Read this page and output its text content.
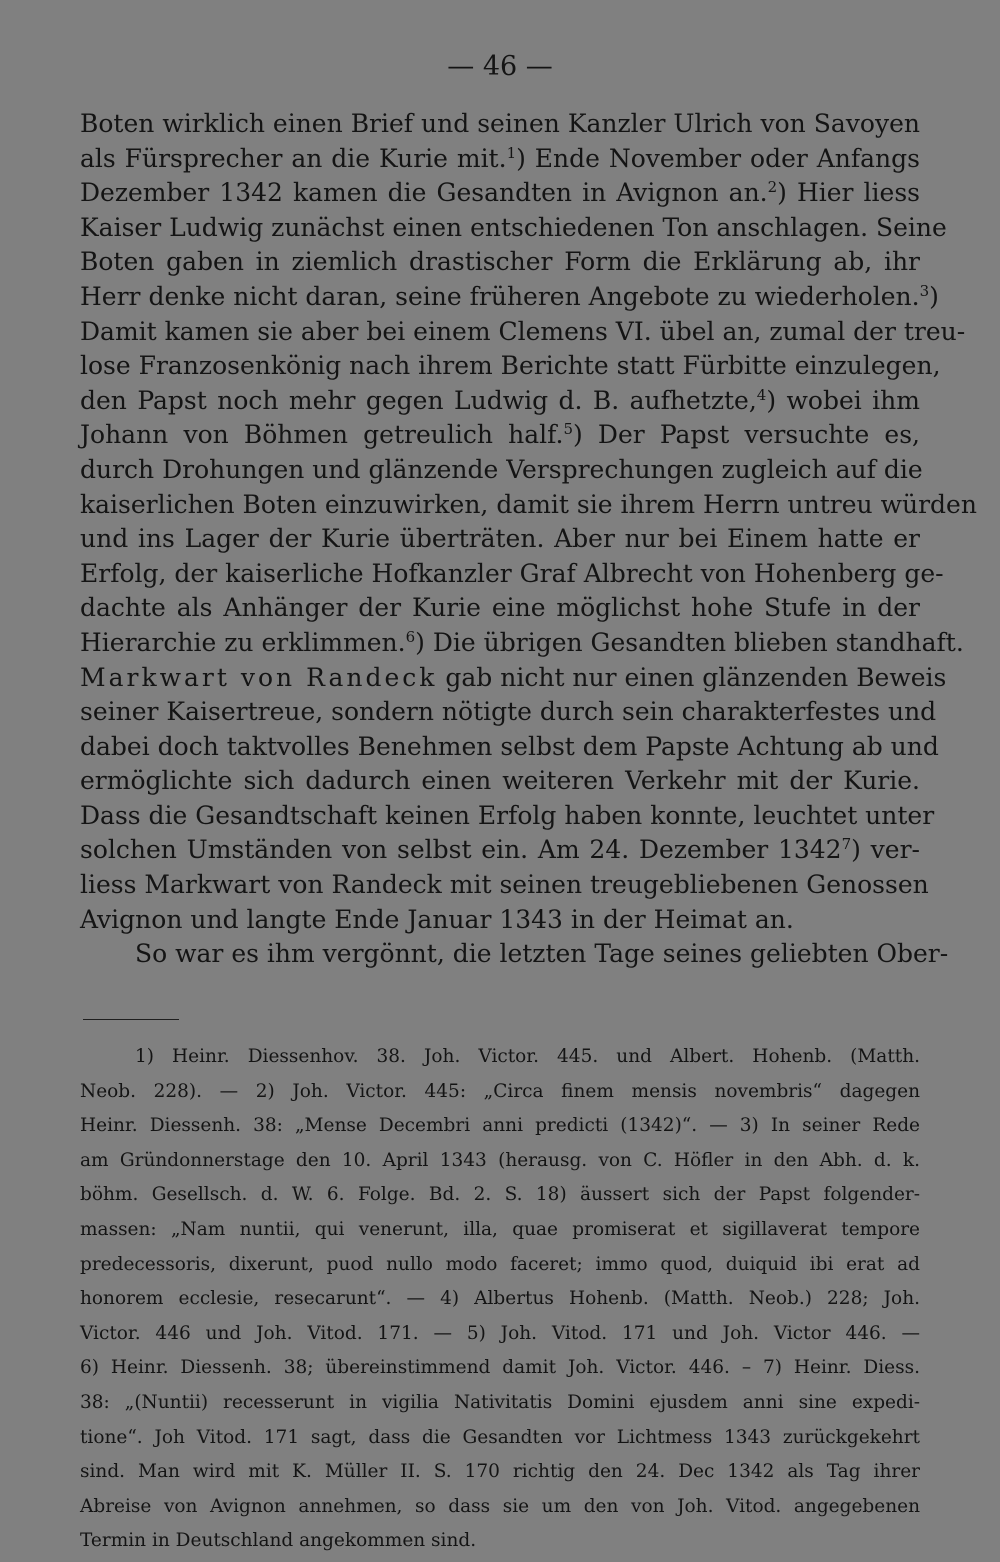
— 46 —
Boten wirklich einen Brief und seinen Kanzler Ulrich von Savoyen
als Fürsprecher an die Kurie mit.$^1$) Ende November oder Anfangs
Dezember 1342 kamen die Gesandten in Avignon an.$^2$) Hier liess
Kaiser Ludwig zunächst einen entschiedenen Ton anschlagen. Seine
Boten gaben in ziemlich drastischer Form die Erklärung ab, ihr
Herr denke nicht daran, seine früheren Angebote zu wiederholen.$^3$)
Damit kamen sie aber bei einem Clemens VI. übel an, zumal der treu-
lose Franzosenkönig nach ihrem Berichte statt Fürbitte einzulegen,
den Papst noch mehr gegen Ludwig d. B. aufhetzte,$^4$) wobei ihm
Johann von Böhmen getreulich half.$^5$) Der Papst versuchte es,
durch Drohungen und glänzende Versprechungen zugleich auf die
kaiserlichen Boten einzuwirken, damit sie ihrem Herrn untreu würden
und ins Lager der Kurie überträten. Aber nur bei Einem hatte er
Erfolg, der kaiserliche Hofkanzler Graf Albrecht von Hohenberg ge-
dachte als Anhänger der Kurie eine möglichst hohe Stufe in der
Hierarchie zu erklimmen.$^6$) Die übrigen Gesandten blieben standhaft.
Markwart von Randeck gab nicht nur einen glänzenden Beweis
seiner Kaisertreue, sondern nötigte durch sein charakterfestes und
dabei doch taktvolles Benehmen selbst dem Papste Achtung ab und
ermöglichte sich dadurch einen weiteren Verkehr mit der Kurie.
Dass die Gesandtschaft keinen Erfolg haben konnte, leuchtet unter
solchen Umständen von selbst ein. Am 24. Dezember 1342$^7$) ver-
liess Markwart von Randeck mit seinen treugebliebenen Genossen
Avignon und langte Ende Januar 1343 in der Heimat an.
So war es ihm vergönnt, die letzten Tage seines geliebten Ober-
1) Heinr. Diessenhov. 38. Joh. Victor. 445. und Albert. Hohenb. (Matth.
Neob. 228). — 2) Joh. Victor. 445: „Circa finem mensis novembris“ dagegen
Heinr. Diessenh. 38: „Mense Decembri anni predicti (1342)“. — 3) In seiner Rede
am Gründonnerstage den 10. April 1343 (herausg. von C. Höfler in den Abh. d. k.
böhm. Gesellsch. d. W. 6. Folge. Bd. 2. S. 18) äussert sich der Papst folgender-
massen: „Nam nuntii, qui venerunt, illa, quae promiserat et sigillaverat tempore
predecessoris, dixerunt, puod nullo modo faceret; immo quod, duiquid ibi erat ad
honorem ecclesie, resecarunt“. — 4) Albertus Hohenb. (Matth. Neob.) 228; Joh.
Victor. 446 und Joh. Vitod. 171. — 5) Joh. Vitod. 171 und Joh. Victor 446. —
6) Heinr. Diessenh. 38; übereinstimmend damit Joh. Victor. 446. – 7) Heinr. Diess.
38: „(Nuntii) recesserunt in vigilia Nativitatis Domini ejusdem anni sine expedi-
tione“. Joh Vitod. 171 sagt, dass die Gesandten vor Lichtmess 1343 zurückgekehrt
sind. Man wird mit K. Müller II. S. 170 richtig den 24. Dec 1342 als Tag ihrer
Abreise von Avignon annehmen, so dass sie um den von Joh. Vitod. angegebenen
Termin in Deutschland angekommen sind.
